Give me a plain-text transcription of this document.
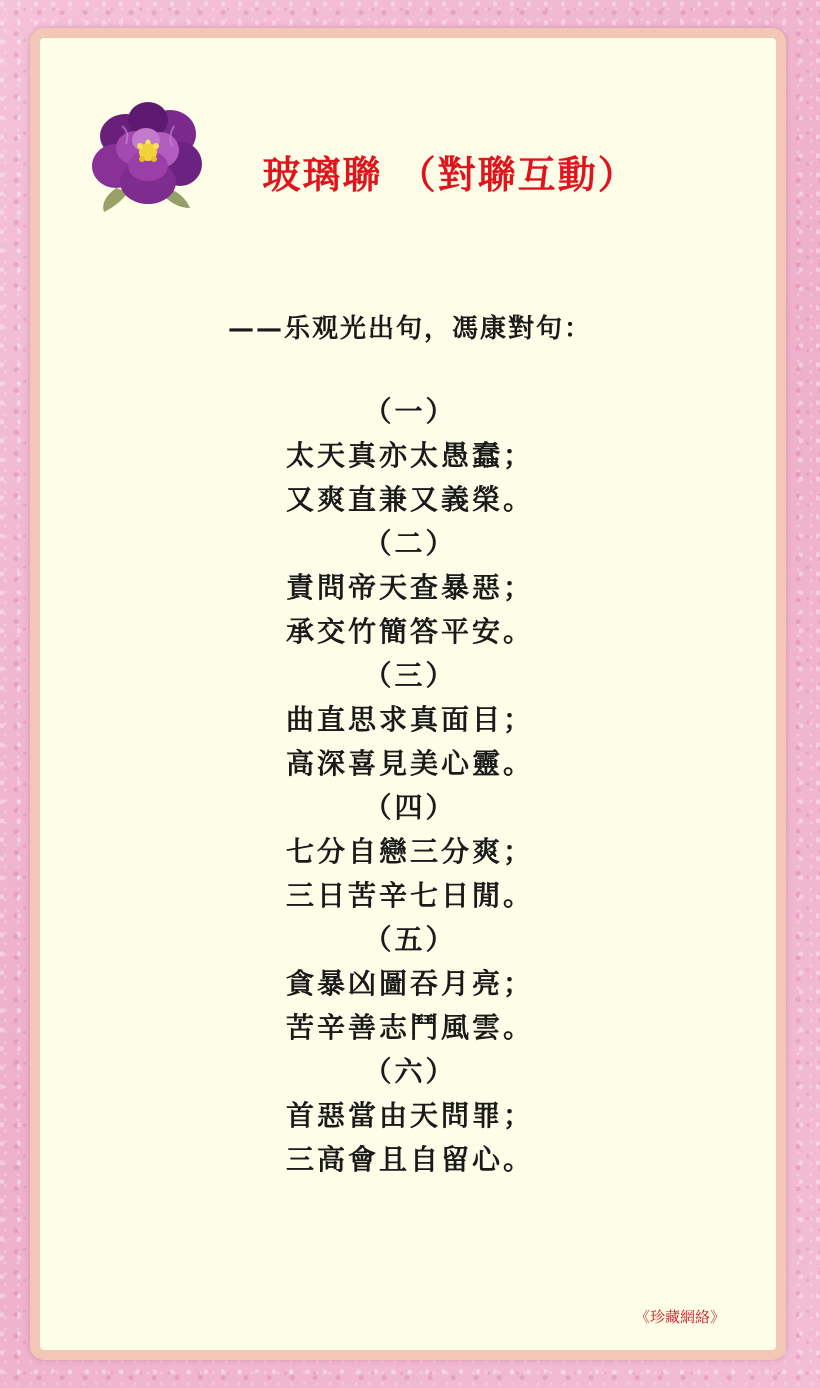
玻璃聯 （對聯互動）
——乐观光出句，馮康對句：
（一）
太天真亦太愚蠢；
又爽直兼又義榮。
（二）
責問帝天查暴惡；
承交竹簡答平安。
（三）
曲直思求真面目；
高深喜見美心靈。
（四）
七分自戀三分爽；
三日苦辛七日閒。
（五）
貪暴凶圖吞月亮；
苦辛善志鬥風雲。
（六）
首惡當由天問罪；
三高會且自留心。
《珍藏網絡》
